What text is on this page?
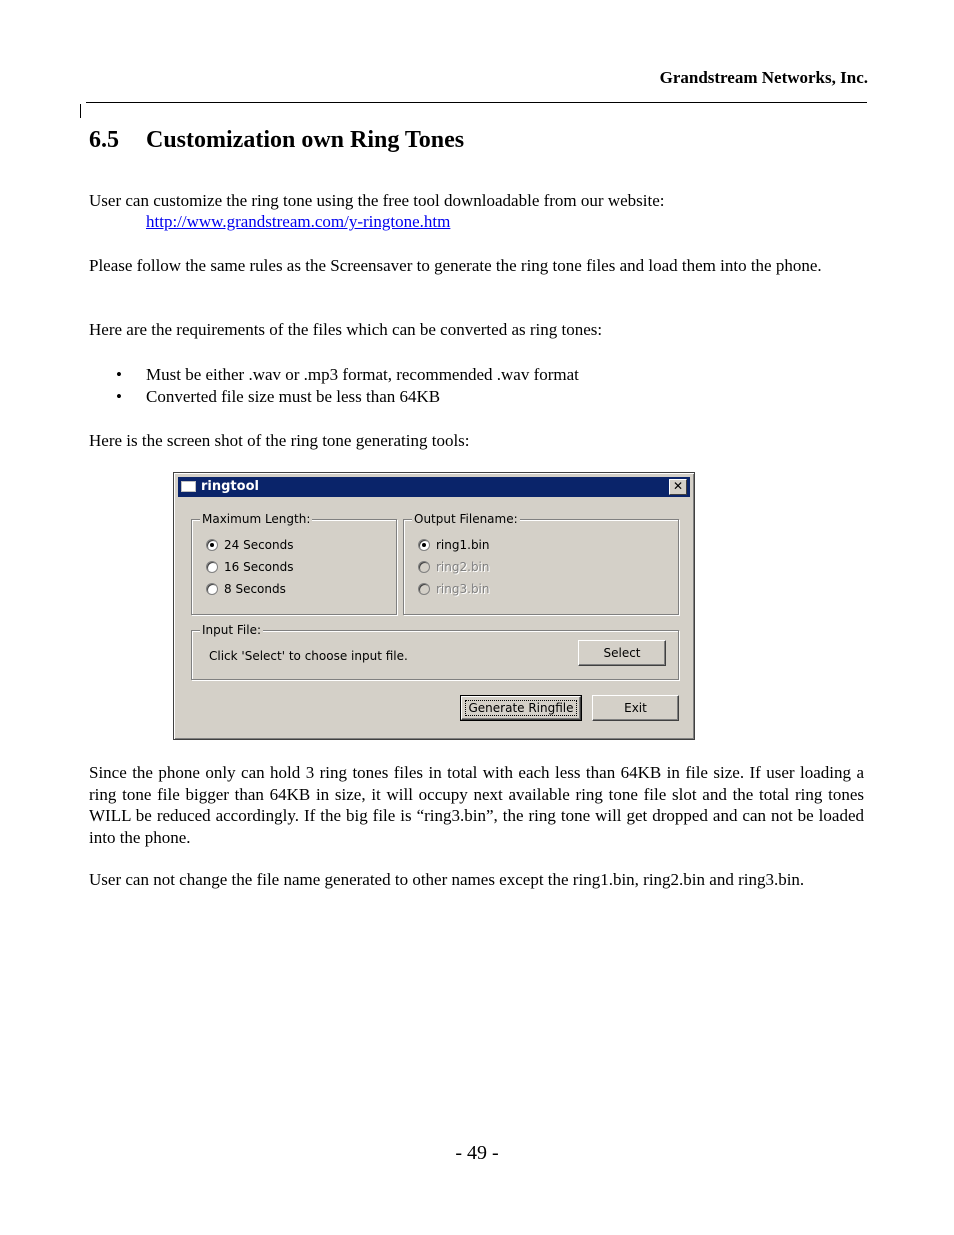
Grandstream Networks, Inc.
6.5 Customization own Ring Tones
User can customize the ring tone using the free tool downloadable from our website:
http://www.grandstream.com/y-ringtone.htm
Please follow the same rules as the Screensaver to generate the ring tone files and load them into the phone.
Here are the requirements of the files which can be converted as ring tones:
• Must be either .wav or .mp3 format, recommended .wav format
• Converted file size must be less than 64KB
Here is the screen shot of the ring tone generating tools:
ringtool	✕
Maximum Length:
24 Seconds
16 Seconds
8 Seconds
Output Filename:
ring1.bin
ring2.bin
ring3.bin
Input File:
Click 'Select' to choose input file.	Select
Generate Ringfile	Exit
Since the phone only can hold 3 ring tones files in total with each less than 64KB in file size. If user loading a ring tone file bigger than 64KB in size, it will occupy next available ring tone file slot and the total ring tones WILL be reduced accordingly. If the big file is “ring3.bin”, the ring tone will get dropped and can not be loaded into the phone.
User can not change the file name generated to other names except the ring1.bin, ring2.bin and ring3.bin.
- 49 -
